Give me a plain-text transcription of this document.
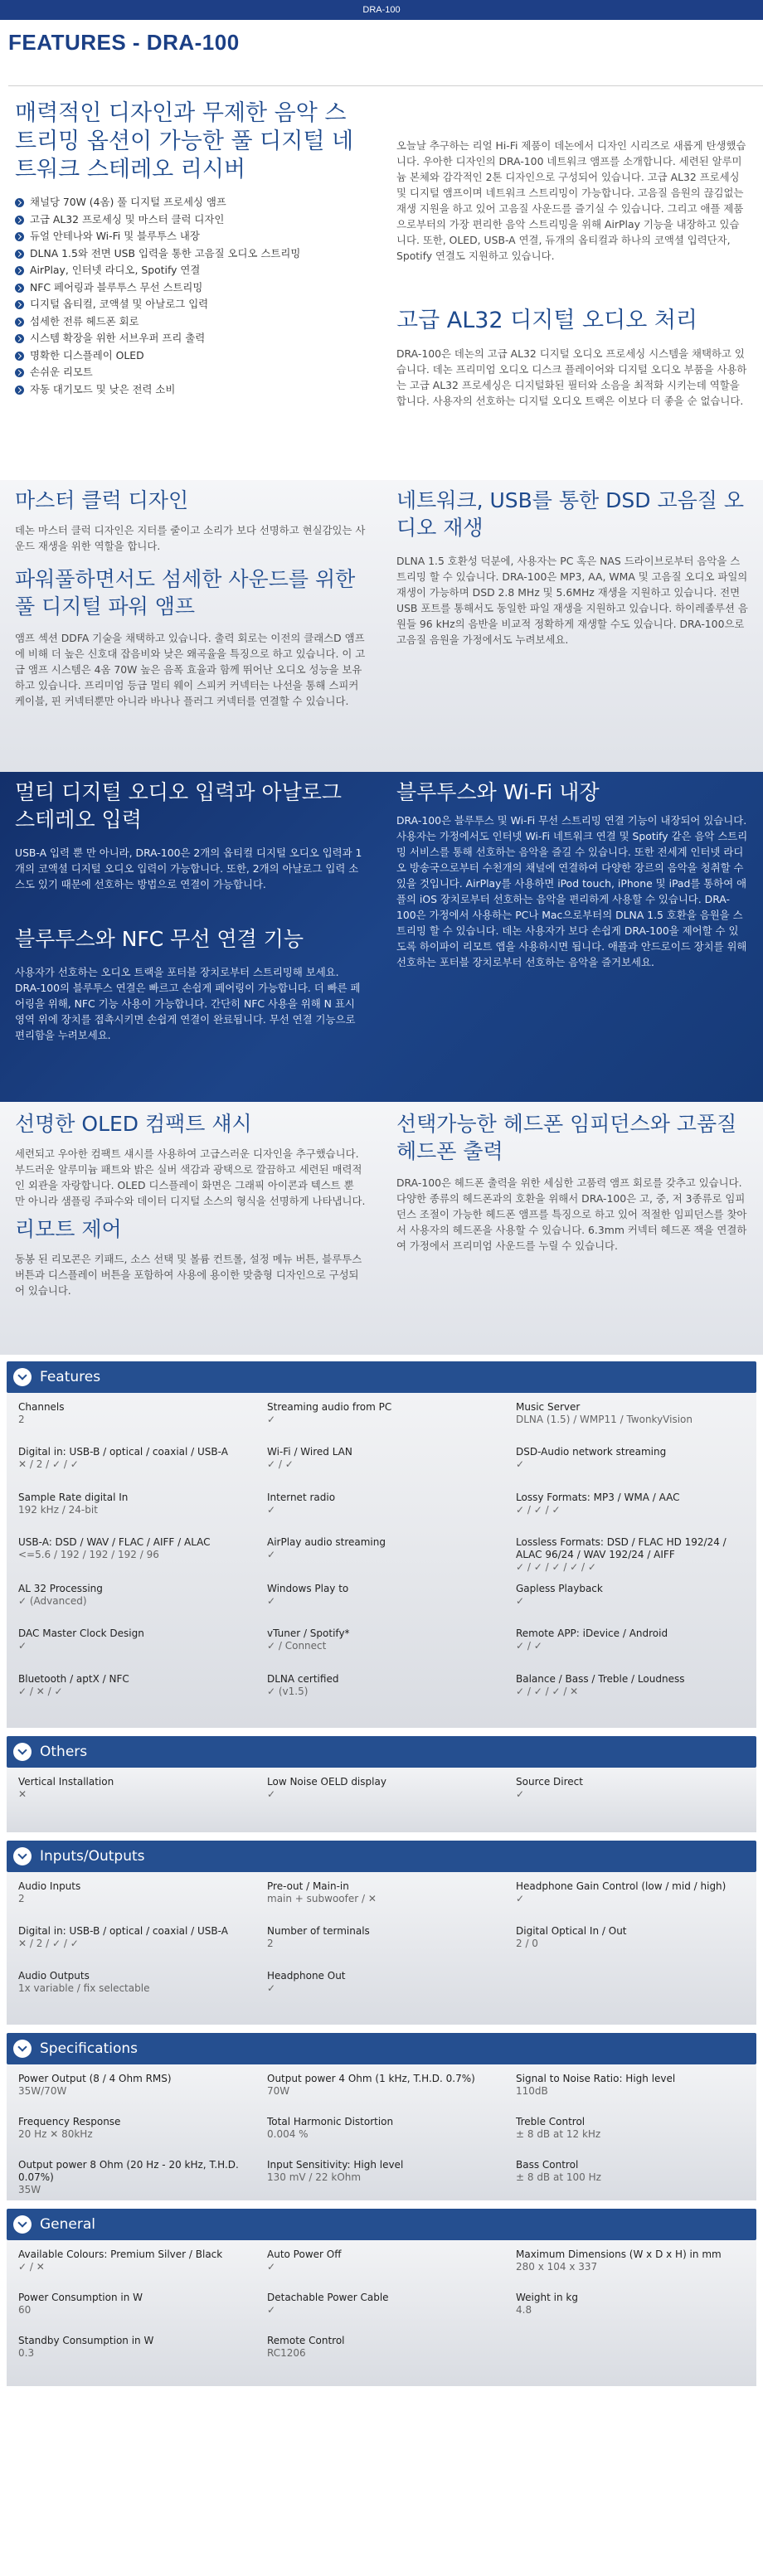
DRA-100
FEATURES - DRA-100
매력적인 디자인과 무제한 음악 스트리밍 옵션이 가능한 풀 디지털 네트워크 스테레오 리시버
채널당 70W (4옴) 풀 디지털 프로세싱 앰프
고급 AL32 프로세싱 및 마스터 클럭 디자인
듀얼 안테나와 Wi-Fi 및 블루투스 내장
DLNA 1.5와 전면 USB 입력을 통한 고음질 오디오 스트리밍
AirPlay, 인터넷 라디오, Spotify 연결
NFC 페어링과 블루투스 무선 스트리밍
디지털 옵티컬, 코액셜 및 아날로그 입력
섬세한 전류 헤드폰 회로
시스템 확장을 위한 서브우퍼 프리 출력
명확한 디스플레이 OLED
손쉬운 리모트
자동 대기모드 및 낮은 전력 소비

오늘날 추구하는 리얼 Hi-Fi 제품이 데논에서 디자인 시리즈로 새롭게 탄생했습니다. 우아한 디자인의 DRA-100 네트워크 앰프를 소개합니다. 세련된 알루미늄 본체와 감각적인 2톤 디자인으로 구성되어 있습니다. 고급 AL32 프로세싱 및 디지털 앰프이며 네트워크 스트리밍이 가능합니다. 고음질 음원의 끊김없는 재생 지원을 하고 있어 고음질 사운드를 즐기실 수 있습니다. 그리고 애플 제품으로부터의 가장 편리한 음악 스트리밍을 위해 AirPlay 기능을 내장하고 있습니다. 또한, OLED, USB-A 연결, 듀개의 옵티컬과 하나의 코액셜 입력단자, Spotify 연결도 지원하고 있습니다.

고급 AL32 디지털 오디오 처리

DRA-100은 데논의 고급 AL32 디지털 오디오 프로세싱 시스템을 채택하고 있습니다. 데논 프리미엄 오디오 디스크 플레이어와 디지털 오디오 부품을 사용하는 고급 AL32 프로세싱은 디지털화된 필터와 소음을 최적화 시키는데 역할을 합니다. 사용자의 선호하는 디지털 오디오 트랙은 이보다 더 좋을 순 없습니다.

마스터 클럭 디자인

데논 마스터 클럭 디자인은 지터를 줄이고 소리가 보다 선명하고 현실감있는 사운드 재생을 위한 역할을 합니다.

파워풀하면서도 섬세한 사운드를 위한 풀 디지털 파워 앰프

앰프 섹션 DDFA 기술을 채택하고 있습니다. 출력 회로는 이전의 클래스D 앰프에 비해 더 높은 신호대 잡음비와 낮은 왜곡율을 특징으로 하고 있습니다. 이 고급 앰프 시스템은 4옴 70W 높은 음폭 효율과 함께 뛰어난 오디오 성능을 보유하고 있습니다. 프리미엄 등급 멀티 웨이 스피커 커넥터는 나선을 통해 스피커 케이블, 핀 커넥터뿐만 아니라 바나나 플러그 커넥터를 연결할 수 있습니다.

네트워크, USB를 통한 DSD 고음질 오디오 재생

DLNA 1.5 호환성 덕분에, 사용자는 PC 혹은 NAS 드라이브로부터 음악을 스트리밍 할 수 있습니다. DRA-100은 MP3, AA, WMA 및 고음질 오디오 파일의 재생이 가능하며 DSD 2.8 MHz 및 5.6MHz 재생을 지원하고 있습니다. 전면 USB 포트를 통해서도 동일한 파일 재생을 지원하고 있습니다. 하이레졸루션 음원들 96 kHz의 음반을 비교적 정확하게 재생할 수도 있습니다. DRA-100으로 고음질 음원을 가정에서도 누려보세요.

멀티 디지털 오디오 입력과 아날로그 스테레오 입력

USB-A 입력 뿐 만 아니라, DRA-100은 2개의 옵티컬 디지털 오디오 입력과 1개의 코액셜 디지털 오디오 입력이 가능합니다. 또한, 2개의 아날로그 입력 소스도 있기 때문에 선호하는 방법으로 연결이 가능합니다.

블루투스와 NFC 무선 연결 기능

사용자가 선호하는 오디오 트랙을 포터블 장치로부터 스트리밍해 보세요. DRA-100의 블루투스 연결은 빠르고 손쉽게 페어링이 가능합니다. 더 빠른 페어링을 위해, NFC 기능 사용이 가능합니다. 간단히 NFC 사용을 위해 N 표시 영역 위에 장치를 접촉시키면 손쉽게 연결이 완료됩니다. 무선 연결 기능으로 편리함을 누려보세요.

블루투스와 Wi-Fi 내장

DRA-100은 블루투스 및 Wi-Fi 무선 스트리밍 연결 기능이 내장되어 있습니다. 사용자는 가정에서도 인터넷 Wi-Fi 네트워크 연결 및 Spotify 같은 음악 스트리밍 서비스를 통해 선호하는 음악을 즐길 수 있습니다. 또한 전세계 인터넷 라디오 방송국으로부터 수천개의 채널에 연결하여 다양한 장르의 음악을 청취할 수 있을 것입니다. AirPlay를 사용하면 iPod touch, iPhone 및 iPad를 통하여 애플의 iOS 장치로부터 선호하는 음악을 편리하게 사용할 수 있습니다. DRA-100은 가정에서 사용하는 PC나 Mac으로부터의 DLNA 1.5 호환을 음원을 스트리밍 할 수 있습니다. 데논 사용자가 보다 손쉽게 DRA-100을 제어할 수 있도록 하이파이 리모트 앱을 사용하시면 됩니다. 애플과 안드로이드 장치를 위해 선호하는 포터블 장치로부터 선호하는 음악을 즐거보세요.

선명한 OLED 컴팩트 섀시

세련되고 우아한 컴팩트 섀시를 사용하여 고급스러운 디자인을 추구했습니다. 부드러운 알루미늄 패트와 밝은 실버 색감과 광택으로 깔끔하고 세련된 매력적인 외관을 자랑합니다. OLED 디스플레이 화면은 그래픽 아이콘과 텍스트 뿐 만 아니라 샘플링 주파수와 데이터 디지털 소스의 형식을 선명하게 나타냅니다.

리모트 제어

동봉 된 리모콘은 키패드, 소스 선택 및 볼륨 컨트롤, 설정 메뉴 버튼, 블루투스 버튼과 디스플레이 버튼을 포함하여 사용에 용이한 맞춤형 디자인으로 구성되어 있습니다.

선택가능한 헤드폰 임피던스와 고품질 헤드폰 출력

DRA-100은 헤드폰 출력을 위한 세심한 고품력 앰프 회로를 갖추고 있습니다. 다양한 종류의 헤드폰과의 호환을 위해서 DRA-100은 고, 중, 저 3종류로 임피던스 조절이 가능한 헤드폰 앰프를 특징으로 하고 있어 적절한 임피던스를 찾아서 사용자의 헤드폰을 사용할 수 있습니다. 6.3mm 커넥터 헤드폰 잭을 연결하여 가정에서 프리미엄 사운드를 누릴 수 있습니다.

Features
Channels
2
Streaming audio from PC
✓
Music Server
DLNA (1.5) / WMP11 / TwonkyVision
Digital in: USB-B / optical / coaxial / USB-A
✕ / 2 / ✓ / ✓
Wi-Fi / Wired LAN
✓ / ✓
DSD-Audio network streaming
✓
Sample Rate digital In
192 kHz / 24-bit
Internet radio
✓
Lossy Formats: MP3 / WMA / AAC
✓ / ✓ / ✓
USB-A: DSD / WAV / FLAC / AIFF / ALAC
<=5.6 / 192 / 192 / 192 / 96
AirPlay audio streaming
✓
Lossless Formats: DSD / FLAC HD 192/24 / ALAC 96/24 / WAV 192/24 / AIFF
✓ / ✓ / ✓ / ✓ / ✓
AL 32 Processing
✓ (Advanced)
Windows Play to
✓
Gapless Playback
✓
DAC Master Clock Design
✓
vTuner / Spotify*
✓ / Connect
Remote APP: iDevice / Android
✓ / ✓
Bluetooth / aptX / NFC
✓ / ✕ / ✓
DLNA certified
✓ (v1.5)
Balance / Bass / Treble / Loudness
✓ / ✓ / ✓ / ✕
Others
Vertical Installation
✕
Low Noise OELD display
✓
Source Direct
✓
Inputs/Outputs
Audio Inputs
2
Pre-out / Main-in
main + subwoofer / ✕
Headphone Gain Control (low / mid / high)
✓
Digital in: USB-B / optical / coaxial / USB-A
✕ / 2 / ✓ / ✓
Number of terminals
2
Digital Optical In / Out
2 / 0
Audio Outputs
1x variable / fix selectable
Headphone Out
✓
Specifications
Power Output (8 / 4 Ohm RMS)
35W/70W
Output power 4 Ohm (1 kHz, T.H.D. 0.7%)
70W
Signal to Noise Ratio: High level
110dB
Frequency Response
20 Hz ✕ 80kHz
Total Harmonic Distortion
0.004 %
Treble Control
± 8 dB at 12 kHz
Output power 8 Ohm (20 Hz - 20 kHz, T.H.D. 0.07%)
35W
Input Sensitivity: High level
130 mV / 22 kOhm
Bass Control
± 8 dB at 100 Hz
General
Available Colours: Premium Silver / Black
✓ / ✕
Auto Power Off
✓
Maximum Dimensions (W x D x H) in mm
280 x 104 x 337
Power Consumption in W
60
Detachable Power Cable
✓
Weight in kg
4.8
Standby Consumption in W
0.3
Remote Control
RC1206
